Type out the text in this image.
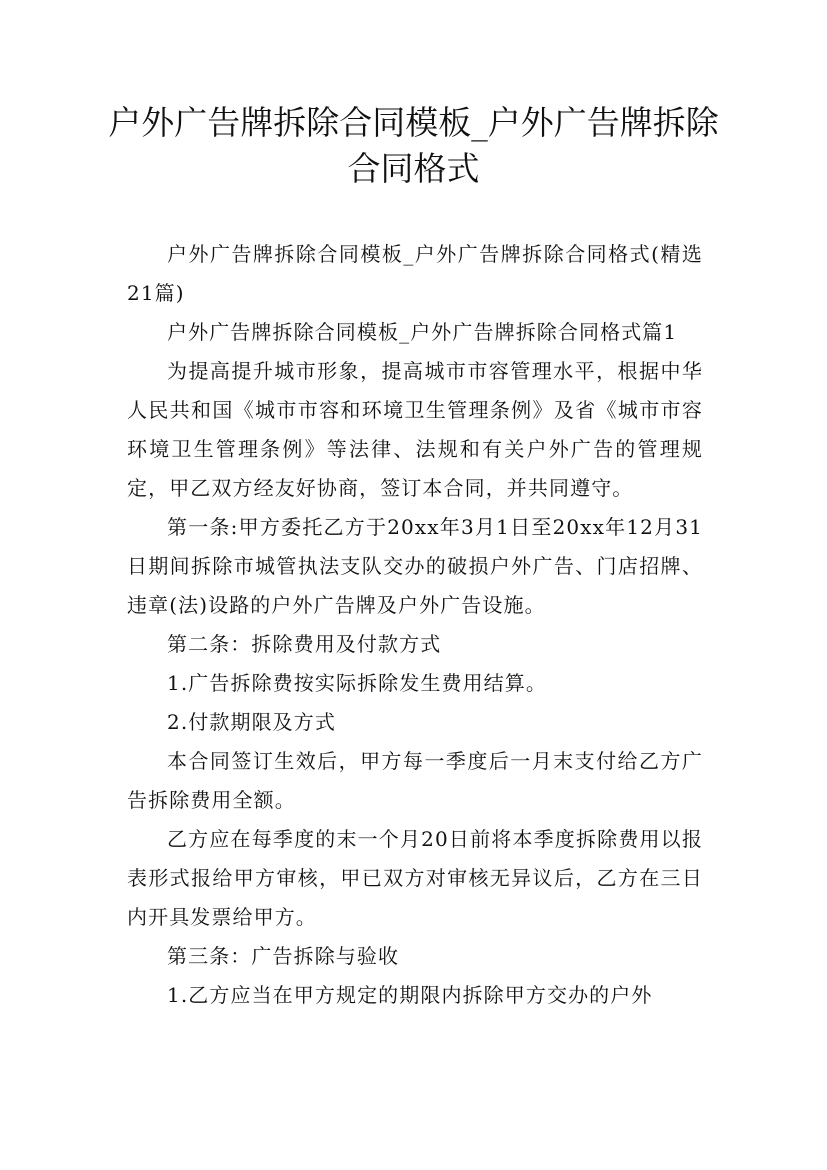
户外广告牌拆除合同模板_户外广告牌拆除
合同格式

户外广告牌拆除合同模板_户外广告牌拆除合同格式(精选21篇)

户外广告牌拆除合同模板_户外广告牌拆除合同格式篇1

为提高提升城市形象，提高城市市容管理水平，根据中华人民共和国《城市市容和环境卫生管理条例》及省《城市市容环境卫生管理条例》等法律、法规和有关户外广告的管理规定，甲乙双方经友好协商，签订本合同，并共同遵守。

第一条:甲方委托乙方于20xx年3月1日至20xx年12月31日期间拆除市城管执法支队交办的破损户外广告、门店招牌、违章(法)设路的户外广告牌及户外广告设施。

第二条：拆除费用及付款方式

1.广告拆除费按实际拆除发生费用结算。

2.付款期限及方式

本合同签订生效后，甲方每一季度后一月末支付给乙方广告拆除费用全额。

乙方应在每季度的末一个月20日前将本季度拆除费用以报表形式报给甲方审核，甲已双方对审核无异议后，乙方在三日内开具发票给甲方。

第三条：广告拆除与验收

1.乙方应当在甲方规定的期限内拆除甲方交办的户外
